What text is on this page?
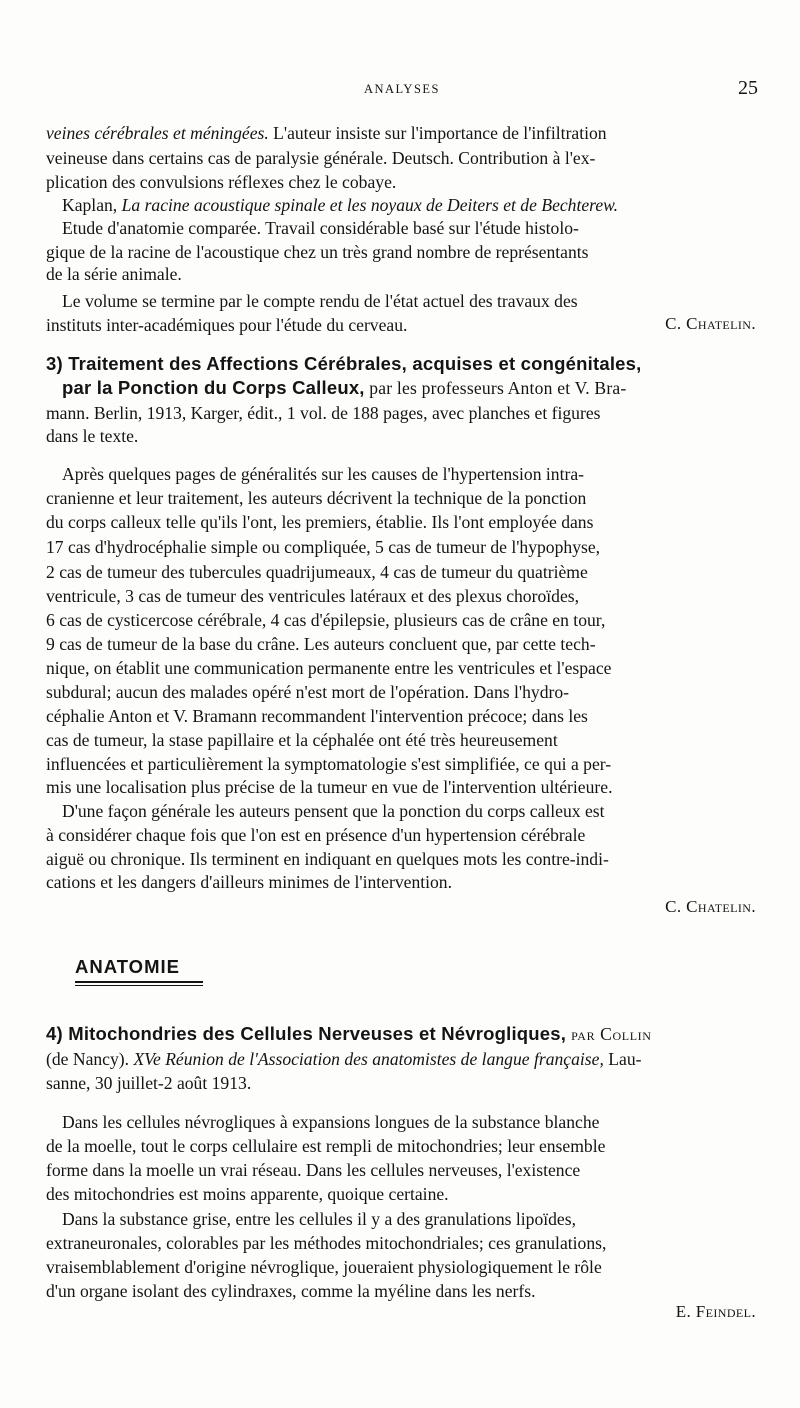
ANALYSES	25
veines cérébrales et méningées. L'auteur insiste sur l'importance de l'infiltration
veineuse dans certains cas de paralysie générale. Deutsch. Contribution à l'ex-
plication des convulsions réflexes chez le cobaye.
Kaplan, La racine acoustique spinale et les noyaux de Deiters et de Bechterew.
Etude d'anatomie comparée. Travail considérable basé sur l'étude histolo-
gique de la racine de l'acoustique chez un très grand nombre de représentants
de la série animale.
Le volume se termine par le compte rendu de l'état actuel des travaux des
instituts inter-académiques pour l'étude du cerveau.	C. Chatelin.
3) Traitement des Affections Cérébrales, acquises et congénitales,
par la Ponction du Corps Calleux, par les professeurs Anton et V. Bra-
mann. Berlin, 1913, Karger, édit., 1 vol. de 188 pages, avec planches et figures
dans le texte.
Après quelques pages de généralités sur les causes de l'hypertension intra-
cranienne et leur traitement, les auteurs décrivent la technique de la ponction
du corps calleux telle qu'ils l'ont, les premiers, établie. Ils l'ont employée dans
17 cas d'hydrocéphalie simple ou compliquée, 5 cas de tumeur de l'hypophyse,
2 cas de tumeur des tubercules quadrijumeaux, 4 cas de tumeur du quatrième
ventricule, 3 cas de tumeur des ventricules latéraux et des plexus choroïdes,
6 cas de cysticercose cérébrale, 4 cas d'épilepsie, plusieurs cas de crâne en tour,
9 cas de tumeur de la base du crâne. Les auteurs concluent que, par cette tech-
nique, on établit une communication permanente entre les ventricules et l'espace
subdural; aucun des malades opéré n'est mort de l'opération. Dans l'hydro-
céphalie Anton et V. Bramann recommandent l'intervention précoce; dans les
cas de tumeur, la stase papillaire et la céphalée ont été très heureusement
influencées et particulièrement la symptomatologie s'est simplifiée, ce qui a per-
mis une localisation plus précise de la tumeur en vue de l'intervention ultérieure.
D'une façon générale les auteurs pensent que la ponction du corps calleux est
à considérer chaque fois que l'on est en présence d'un hypertension cérébrale
aiguë ou chronique. Ils terminent en indiquant en quelques mots les contre-indi-
cations et les dangers d'ailleurs minimes de l'intervention.
C. Chatelin.
ANATOMIE
4) Mitochondries des Cellules Nerveuses et Névrogliques, par Collin
(de Nancy). XVe Réunion de l'Association des anatomistes de langue française, Lau-
sanne, 30 juillet-2 août 1913.
Dans les cellules névrogliques à expansions longues de la substance blanche
de la moelle, tout le corps cellulaire est rempli de mitochondries; leur ensemble
forme dans la moelle un vrai réseau. Dans les cellules nerveuses, l'existence
des mitochondries est moins apparente, quoique certaine.
Dans la substance grise, entre les cellules il y a des granulations lipoïdes,
extraneuronales, colorables par les méthodes mitochondriales; ces granulations,
vraisemblablement d'origine névroglique, joueraient physiologiquement le rôle
d'un organe isolant des cylindraxes, comme la myéline dans les nerfs.
E. Feindel.
